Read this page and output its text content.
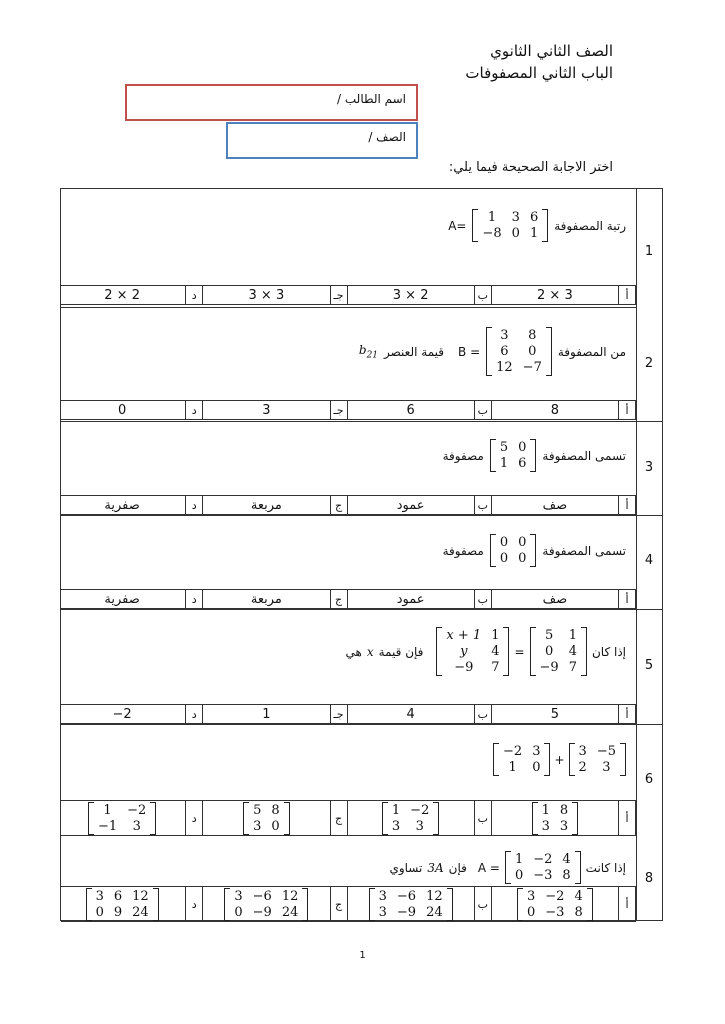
الصف الثاني الثانوي
الباب الثاني المصفوفات
اسم الطالب /
الصف /
اختر الاجابة الصحيحة فيما يلي:
1
رتبة المصفوفة
1	3 6
−8 0 1
A=
أ
2 × 3
ب
3 × 2
جـ
3 × 3
د
2 × 2
2
من المصفوفة
3	8
6	0
12 −7
B =
قيمة العنصر
$b_{21}$
أ
8
ب
6
جـ
3
د
0
3
تسمى المصفوفة
5 0
1 6
مصفوفة
أ
صف
ب
عمود
ج
مربعة
د
صفرية
4
تسمى المصفوفة
0 0
0 0
مصفوفة
أ
صف
ب
عمود
ج
مربعة
د
صفرية
5
إذا كان
5	1
0	4
−9 7
=
x + 1 1
y	4
−9	7
فإن قيمة
x
هي
أ
5
ب
4
جـ
1
د
−2
6
−2 3
1	0
+
3 −5
2	3
أ
1 8
3 3
ب
1 −2
3	3
ج
5 8
3 0
د
1	−2
−1	3
8
إذا كانت
1 −2 4
0 −3 8
A =
فإن
3A
تساوي
أ
3 −2 4
0 −3 8
ب
3 −6 12
3 −9 24
ج
3 −6 12
0 −9 24
د
3 6 12
0 9 24
1
